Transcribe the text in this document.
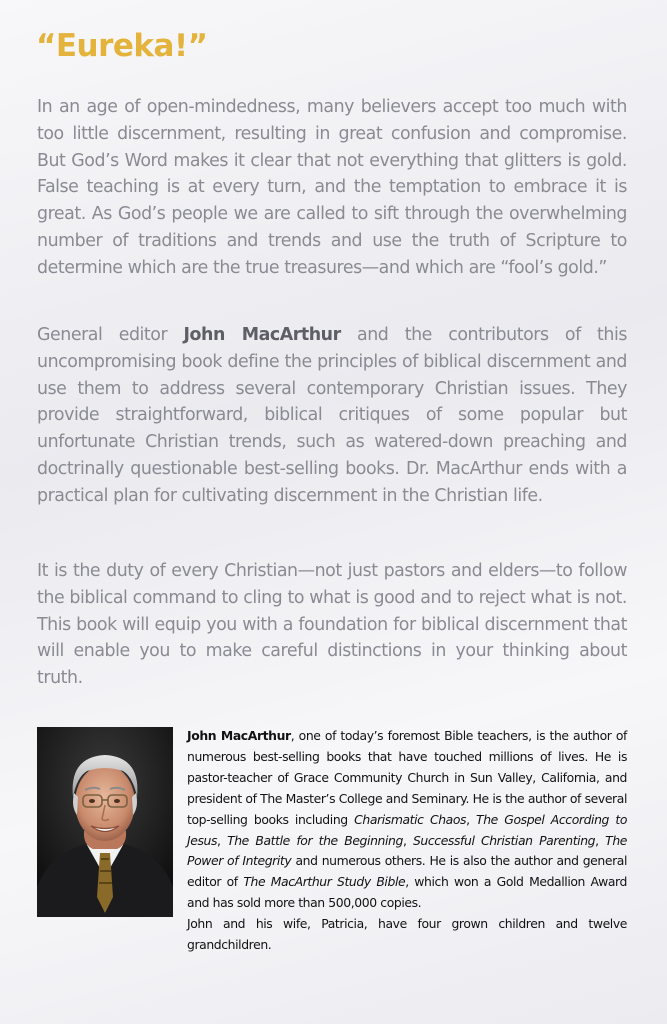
“Eureka!”

In an age of open-mindedness, many believers accept too much with too little discernment, resulting in great confusion and compromise. But God’s Word makes it clear that not everything that glitters is gold. False teaching is at every turn, and the temptation to embrace it is great. As God’s people we are called to sift through the overwhelming number of traditions and trends and use the truth of Scripture to determine which are the true treasures—and which are “fool’s gold.”

General editor John MacArthur and the contributors of this uncompromising book define the principles of biblical discernment and use them to address several contemporary Christian issues. They provide straightforward, biblical critiques of some popular but unfortunate Christian trends, such as watered-down preaching and doctrinally questionable best-selling books. Dr. MacArthur ends with a practical plan for cultivating discernment in the Christian life.

It is the duty of every Christian—not just pastors and elders—to follow the biblical command to cling to what is good and to reject what is not. This book will equip you with a foundation for biblical discernment that will enable you to make careful distinctions in your thinking about truth.

John MacArthur, one of today’s foremost Bible teachers, is the author of numerous best-selling books that have touched millions of lives. He is pastor-teacher of Grace Community Church in Sun Valley, California, and president of The Master’s College and Seminary. He is the author of several top-selling books including Charismatic Chaos, The Gospel According to Jesus, The Battle for the Beginning, Successful Christian Parenting, The Power of Integrity and numerous others. He is also the author and general editor of The MacArthur Study Bible, which won a Gold Medallion Award and has sold more than 500,000 copies.
John and his wife, Patricia, have four grown children and twelve grandchildren.
